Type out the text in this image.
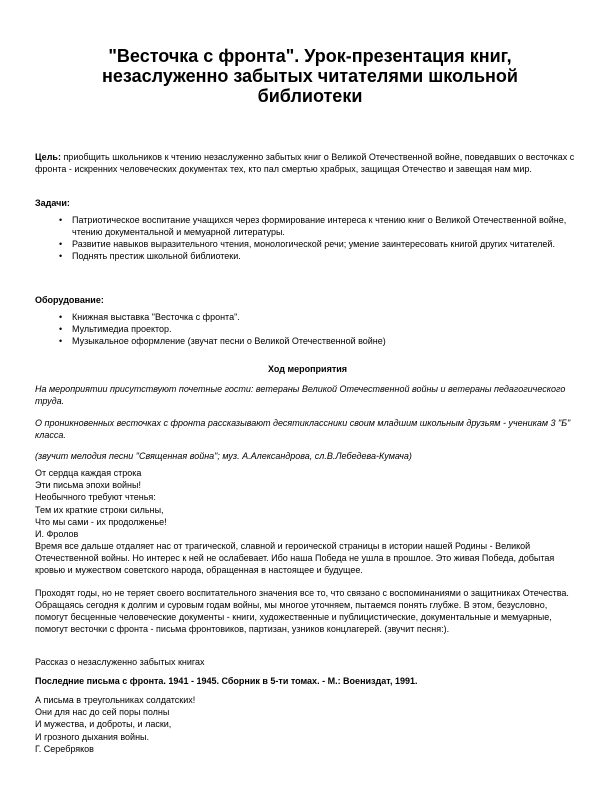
"Весточка с фронта". Урок-презентация книг, незаслуженно забытых читателями школьной библиотеки

Цель: приобщить школьников к чтению незаслуженно забытых книг о Великой Отечественной войне, поведавших о весточках с фронта - искренних человеческих документах тех, кто пал смертью храбрых, защищая Отечество и завещая нам мир.

Задачи:

• Патриотическое воспитание учащихся через формирование интереса к чтению книг о Великой Отечественной войне, чтению документальной и мемуарной литературы.
• Развитие навыков выразительного чтения, монологической речи; умение заинтересовать книгой других читателей.
• Поднять престиж школьной библиотеки.

Оборудование:

• Книжная выставка "Весточка с фронта".
• Мультимедиа проектор.
• Музыкальное оформление (звучат песни о Великой Отечественной войне)

Ход мероприятия

На мероприятии присутствуют почетные гости: ветераны Великой Отечественной войны и ветераны педагогического труда.

О проникновенных весточках с фронта рассказывают десятиклассники своим младшим школьным друзьям - ученикам 3 "Б" класса.

(звучит мелодия песни "Священная война"; муз. А.Александрова, сл.В.Лебедева-Кумача)

От сердца каждая строка
Эти письма эпохи войны!
Необычного требуют чтенья:
Тем их краткие строки сильны,
Что мы сами - их продолженье!
И. Фролов

Время все дальше отдаляет нас от трагической, славной и героической страницы в истории нашей Родины - Великой Отечественной войны. Но интерес к ней не ослабевает. Ибо наша Победа не ушла в прошлое. Это живая Победа, добытая кровью и мужеством советского народа, обращенная в настоящее и будущее.

Проходят годы, но не теряет своего воспитательного значения все то, что связано с воспоминаниями о защитниках Отечества. Обращаясь сегодня к долгим и суровым годам войны, мы многое уточняем, пытаемся понять глубже. В этом, безусловно, помогут бесценные человеческие документы - книги, художественные и публицистические, документальные и мемуарные, помогут весточки с фронта - письма фронтовиков, партизан, узников концлагерей. (звучит песня:).

Рассказ о незаслуженно забытых книгах

Последние письма с фронта. 1941 - 1945. Сборник в 5-ти томах. - М.: Воениздат, 1991.

А письма в треугольниках солдатских!
Они для нас до сей поры полны
И мужества, и доброты, и ласки,
И грозного дыхания войны.
Г. Серебряков
